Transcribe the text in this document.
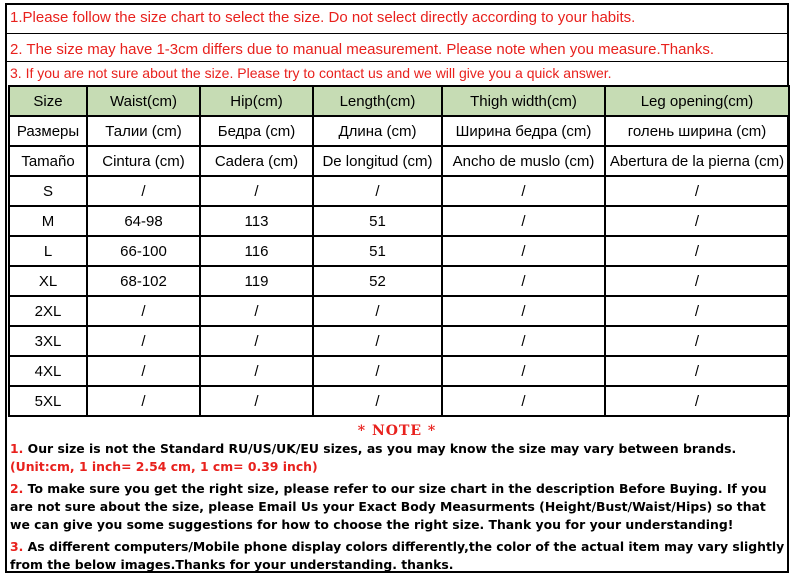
1.Please follow the size chart to select the size. Do not select directly according to your habits.
2. The size may have 1-3cm differs due to manual measurement. Please note when you measure.Thanks.
3. If you are not sure about the size. Please try to contact us and we will give you a quick answer.
Size	Waist(cm)	Hip(cm)	Length(cm)	Thigh width(cm)	Leg opening(cm)
Размеры	Талии (cm)	Бедра (cm)	Длина (cm)	Ширина бедра (cm)	голень ширина (cm)
Tamaño	Cintura (cm)	Cadera (cm)	De longitud (cm)	Ancho de muslo (cm)	Abertura de la pierna (cm)
S	/	/	/	/	/
M	64-98	113	51	/	/
L	66-100	116	51	/	/
XL	68-102	119	52	/	/
2XL	/	/	/	/	/
3XL	/	/	/	/	/
4XL	/	/	/	/	/
5XL	/	/	/	/	/
* NOTE *
1. Our size is not the Standard RU/US/UK/EU sizes, as you may know the size may vary between brands.
(Unit:cm, 1 inch= 2.54 cm, 1 cm= 0.39 inch)
2. To make sure you get the right size, please refer to our size chart in the description Before Buying. If you are not sure about the size, please Email Us your Exact Body Measurments (Height/Bust/Waist/Hips) so that we can give you some suggestions for how to choose the right size. Thank you for your understanding!
3. As different computers/Mobile phone display colors differently,the color of the actual item may vary slightly from the below images.Thanks for your understanding. thanks.
